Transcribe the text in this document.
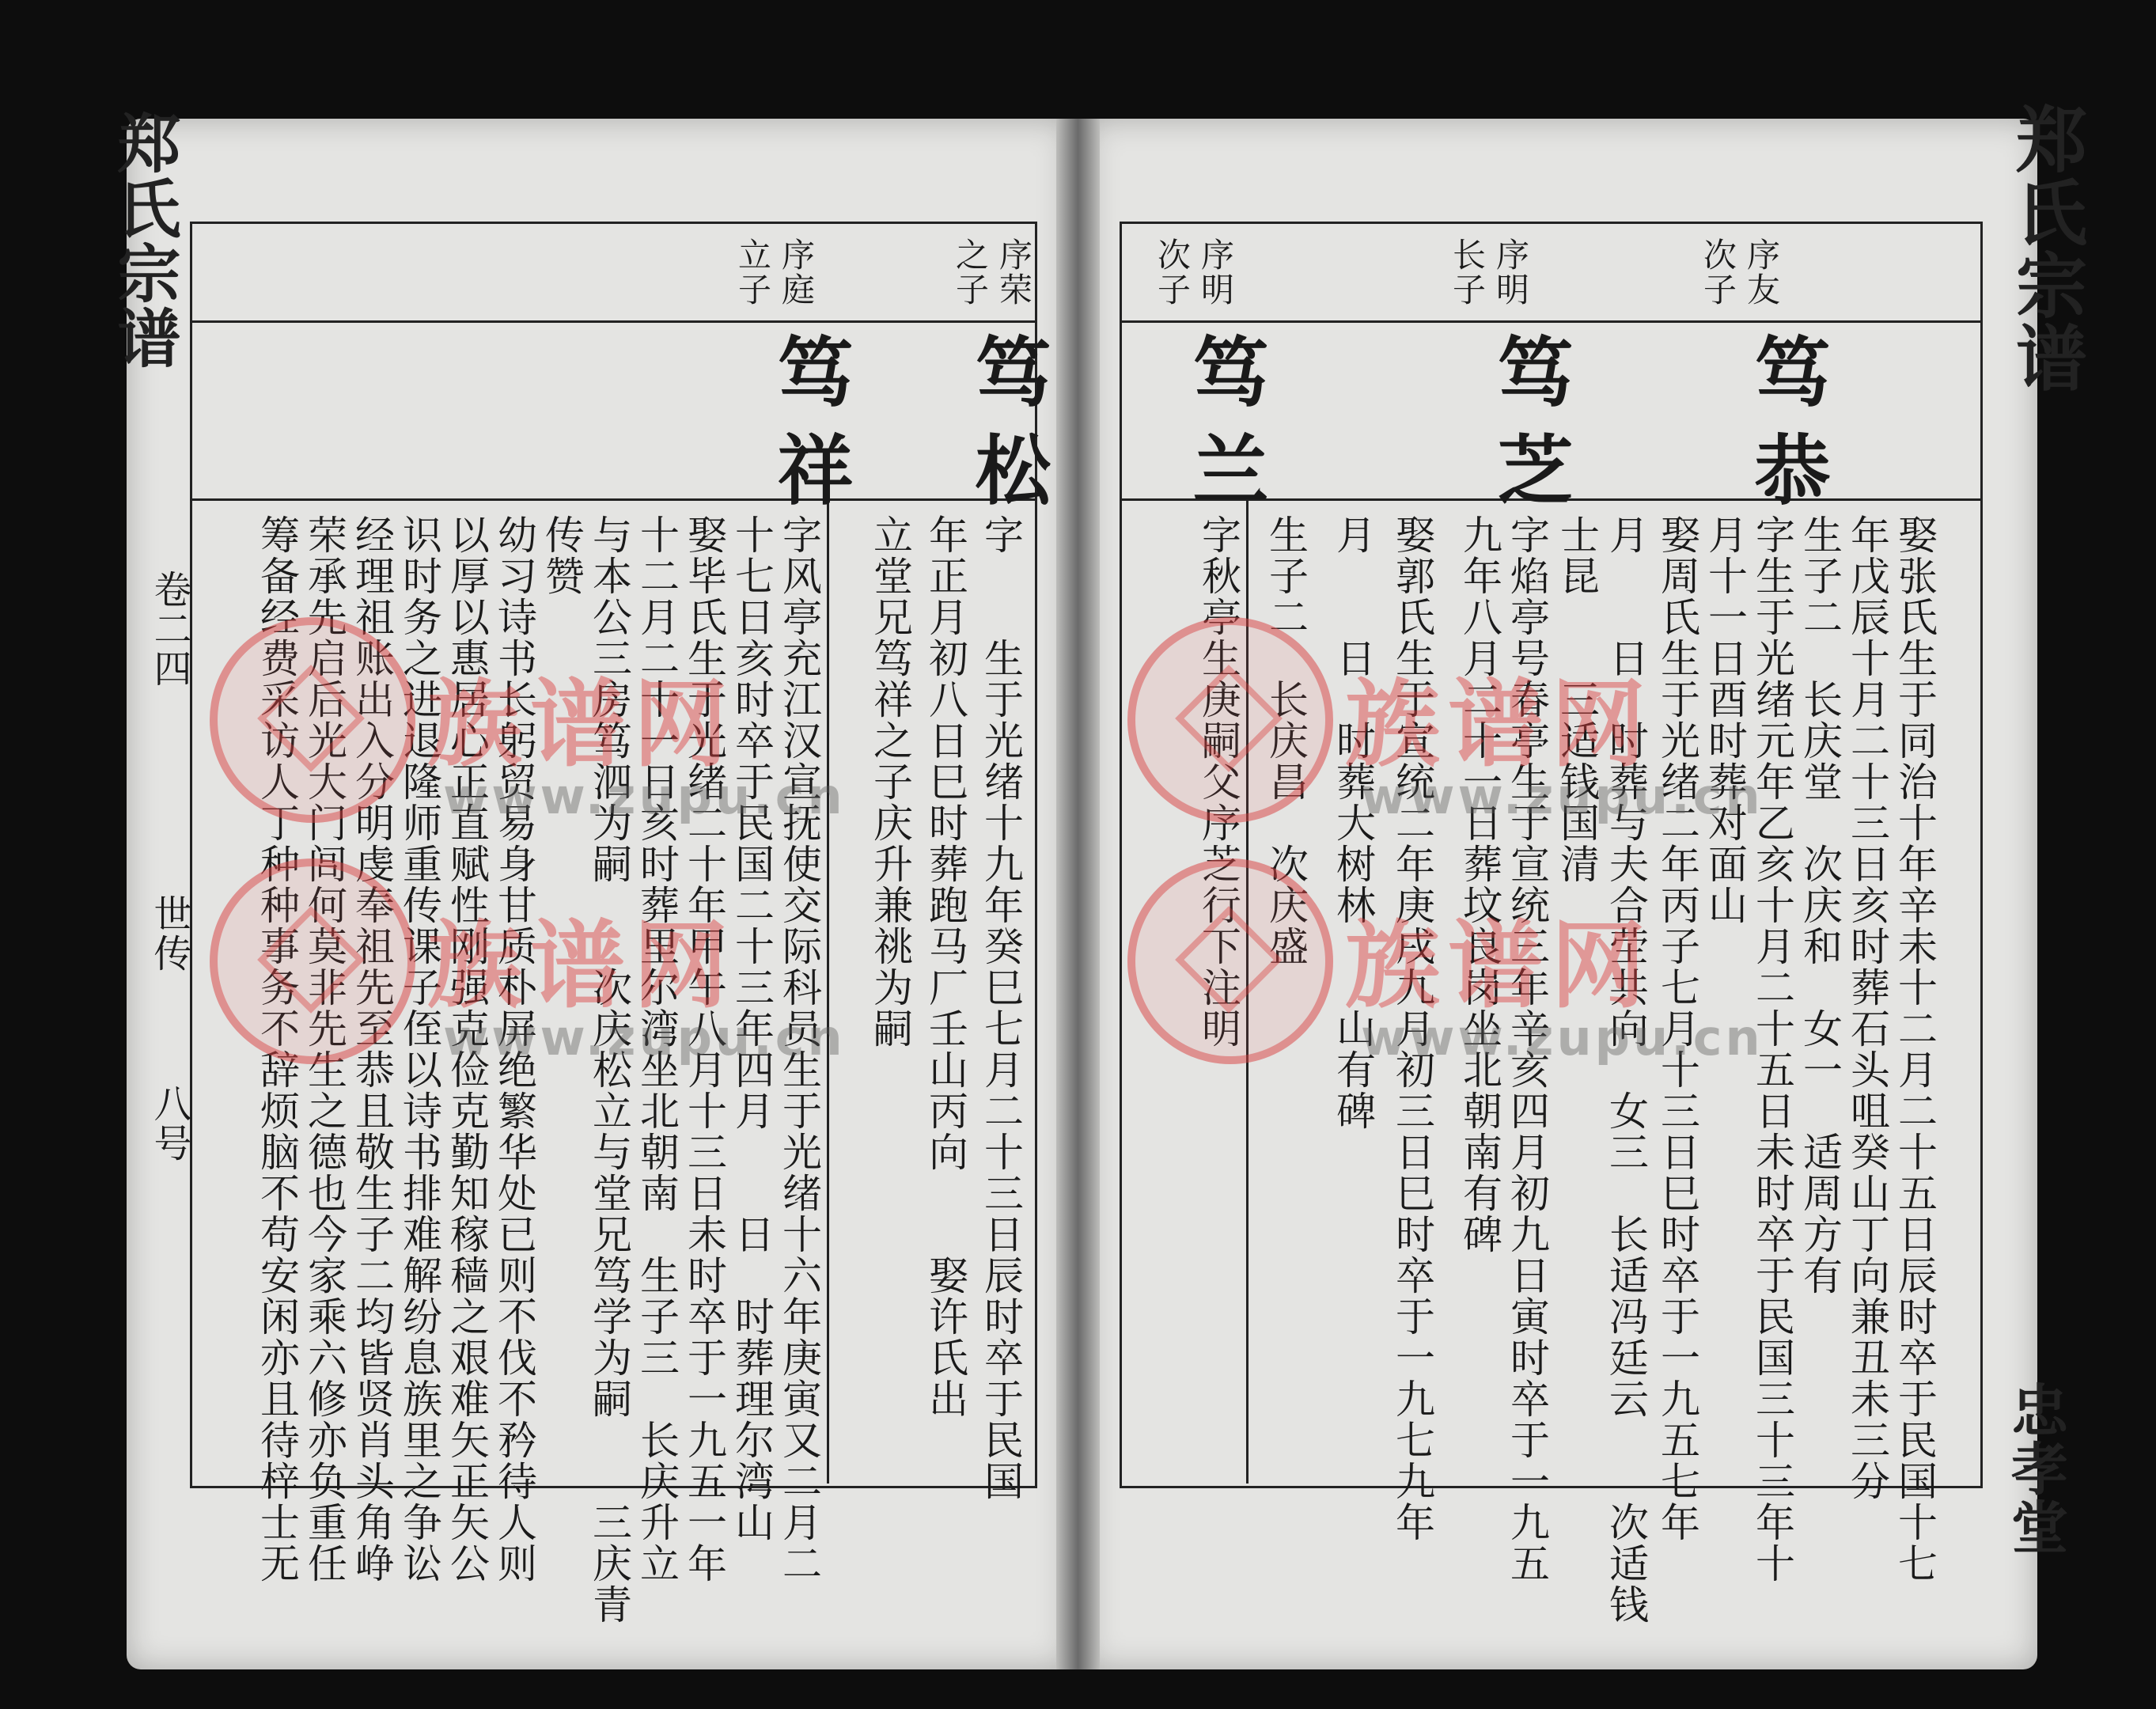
郑氏宗谱
忠孝堂
序友
次子
序明
长子
序明
次子
笃恭
笃芝
笃兰
娶张氏生于同治十年辛未十二月二十五日辰时卒于民国十七
年戊辰十月二十三日亥时葬石头咀癸山丁向兼丑未三分
生子二　长庆堂　次庆和　女一　适周方有
字生于光绪元年乙亥十月二十五日未时卒于民国三十三年十
月十一日酉时葬对面山
娶周氏生于光绪二年丙子七月十三日巳时卒于一九五七年
月　　日　时葬与夫合茔共向　女三　长适冯廷云　　次适钱
士昆　　三适钱国清
字焰亭号春亭生于宣统三年辛亥四月初九日寅时卒于一九五
九年八月二十一日葬坟良岗坐北朝南有碑
娶郭氏生于宣统二年庚戌九月初三日巳时卒于一九七九年
月　　日　时葬大树林　　山有碑
生子二　长庆昌　次庆盛
字秋亭生庚嗣父序芝行下注明
郑氏宗谱
卷二四
世传
八号
序荣
之子
序庭
立子
笃松
笃祥
字　　生于光绪十九年癸巳七月二十三日辰时卒于民国
年正月初八日巳时葬跑马厂壬山丙向　　娶许氏出
立堂兄笃祥之子庆升兼祧为嗣
字风亭充江汉宣抚使交际科员生于光绪十六年庚寅又二月二
十七日亥时卒于民国二十三年四月　　日　时葬理尔湾山
娶毕氏生于光绪二十年甲午八月十三日未时卒于一九五一年
十二月二十一日亥时葬里尔湾坐北朝南　生子三　长庆升立
与本公三房笃泗为嗣　　次庆松立与堂兄笃学为嗣　　三庆青
传赞
幼习诗书长躬贸易身甘质朴屏绝繁华处已则不伐不矜待人则
以厚以惠居心正直赋性刚强克俭克勤知稼穑之艰难矢正矢公
识时务之进退隆师重传课子侄以诗书排难解纷息族里之争讼
经理祖账出入分明虔奉祖先至恭且敬生子二均皆贤肖头角峥
荣承先启后光大门闾何莫非先生之德也今家乘六修亦负重任
筹备经费采访人丁种种事务不辞烦脑不苟安闲亦且待梓士无 族谱网
族谱网
族谱网
族谱网
www.zupu.cn
www.zupu.cn
www.zupu.cn
www.zupu.cn
